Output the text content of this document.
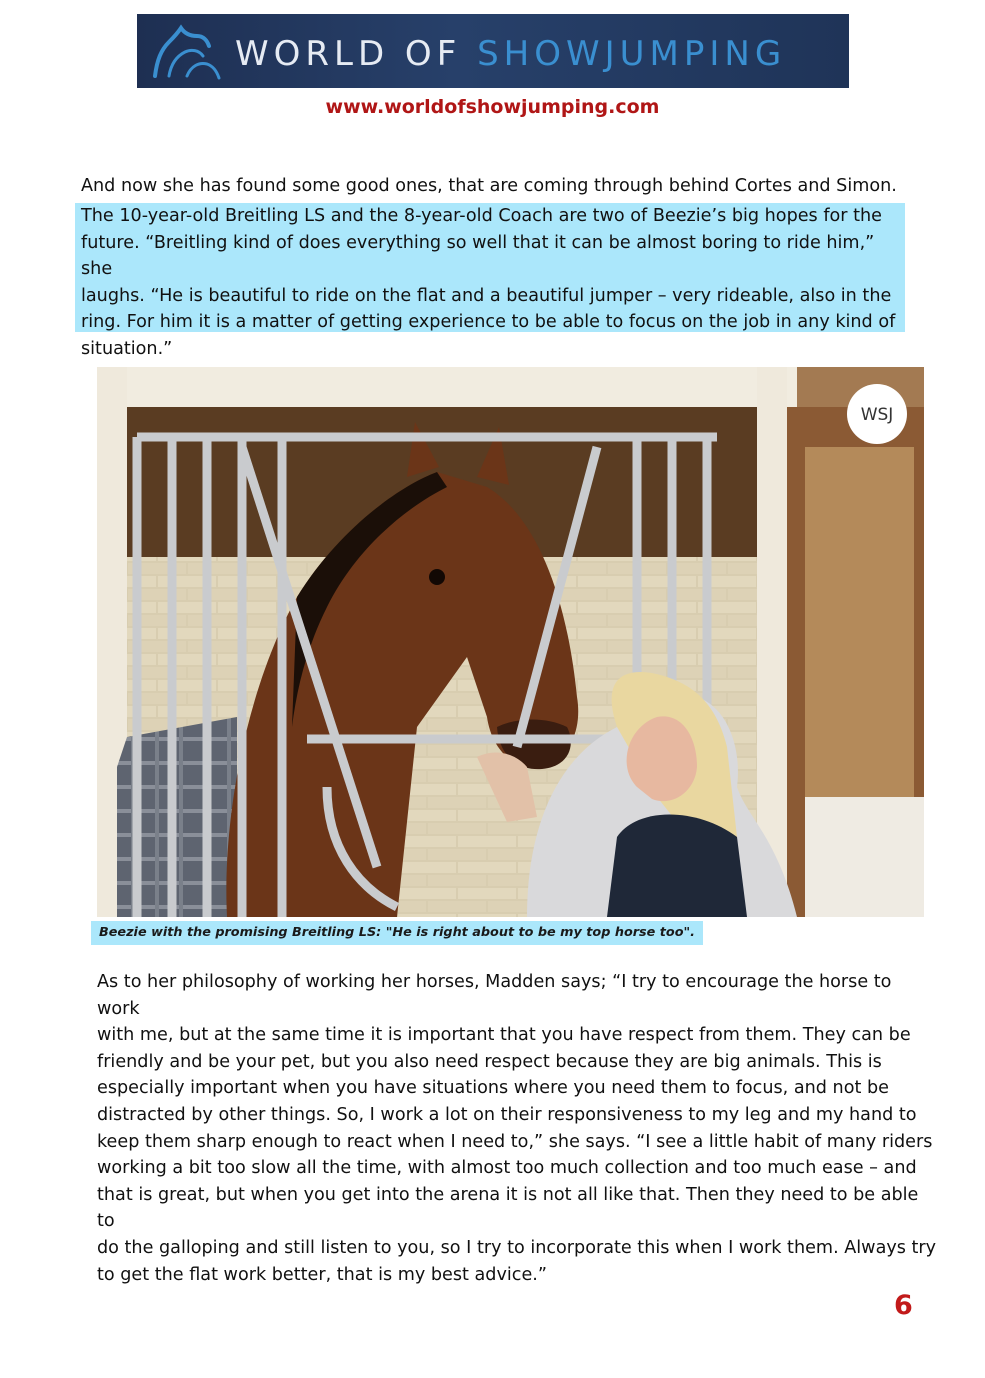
WORLD OF SHOWJUMPING
www.worldofshowjumping.com
And now she has found some good ones, that are coming through behind Cortes and Simon.
The 10-year-old Breitling LS and the 8-year-old Coach are two of Beezie’s big hopes for the
future. “Breitling kind of does everything so well that it can be almost boring to ride him,” she
laughs. “He is beautiful to ride on the flat and a beautiful jumper – very rideable, also in the
ring. For him it is a matter of getting experience to be able to focus on the job in any kind of
situation.”
WSJ
Beezie with the promising Breitling LS: "He is right about to be my top horse too".
As to her philosophy of working her horses, Madden says; “I try to encourage the horse to work
with me, but at the same time it is important that you have respect from them. They can be
friendly and be your pet, but you also need respect because they are big animals. This is
especially important when you have situations where you need them to focus, and not be
distracted by other things. So, I work a lot on their responsiveness to my leg and my hand to
keep them sharp enough to react when I need to,” she says. “I see a little habit of many riders
working a bit too slow all the time, with almost too much collection and too much ease – and
that is great, but when you get into the arena it is not all like that. Then they need to be able to
do the galloping and still listen to you, so I try to incorporate this when I work them. Always try
to get the flat work better, that is my best advice.”
6
